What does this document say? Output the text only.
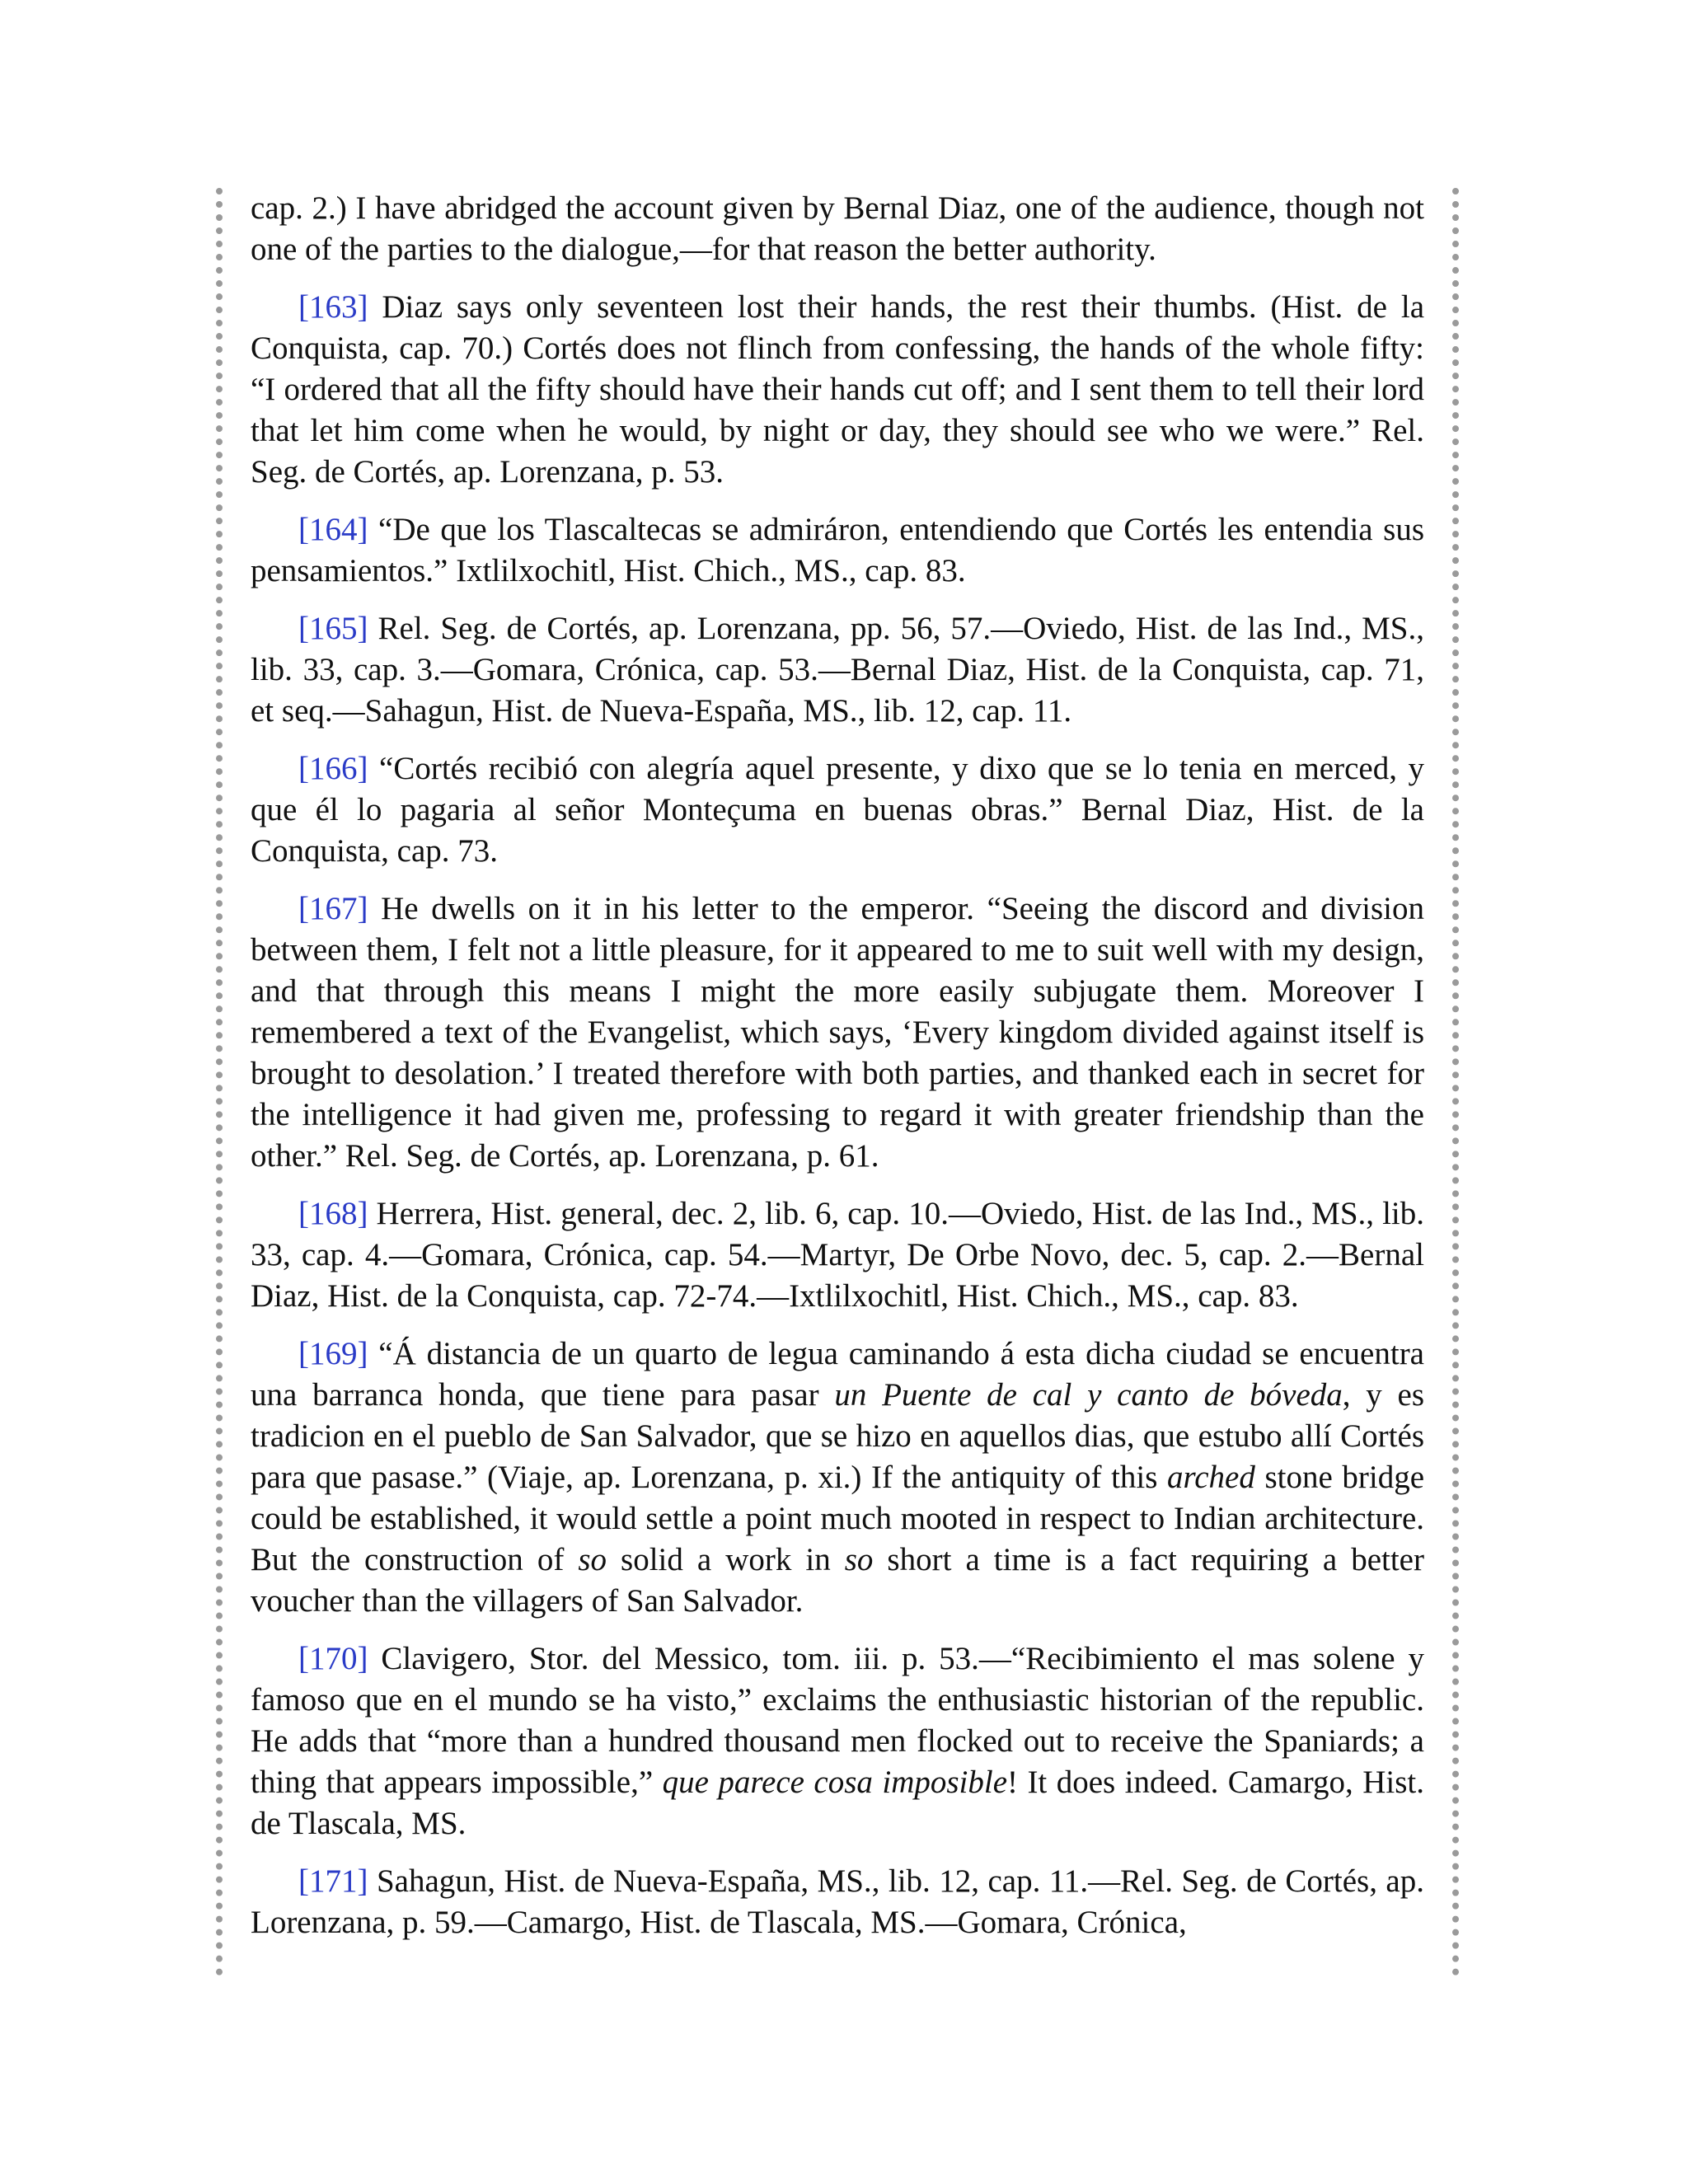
cap. 2.) I have abridged the account given by Bernal Diaz, one of the audience, though not one of the parties to the dialogue,—for that reason the better authority.

[ 163 ] Diaz says only seventeen lost their hands, the rest their thumbs. (Hist. de la Conquista, cap. 70.) Cortés does not flinch from confessing, the hands of the whole fifty: “I ordered that all the fifty should have their hands cut off; and I sent them to tell their lord that let him come when he would, by night or day, they should see who we were.” Rel. Seg. de Cortés, ap. Lorenzana, p. 53.

[ 164 ] “De que los Tlascaltecas se admiráron, entendiendo que Cortés les entendia sus pensamientos.” Ixtlilxochitl, Hist. Chich., MS., cap. 83.

[ 165 ] Rel. Seg. de Cortés, ap. Lorenzana, pp. 56, 57.—Oviedo, Hist. de las Ind., MS., lib. 33, cap. 3.—Gomara, Crónica, cap. 53.—Bernal Diaz, Hist. de la Conquista, cap. 71, et seq.—Sahagun, Hist. de Nueva-España, MS., lib. 12, cap. 11.

[ 166 ] “Cortés recibió con alegría aquel presente, y dixo que se lo tenia en merced, y que él lo pagaria al señor Monteçuma en buenas obras.” Bernal Diaz, Hist. de la Conquista, cap. 73.

[ 167 ] He dwells on it in his letter to the emperor. “Seeing the discord and division between them, I felt not a little pleasure, for it appeared to me to suit well with my design, and that through this means I might the more easily subjugate them. Moreover I remembered a text of the Evangelist, which says, ‘Every kingdom divided against itself is brought to desolation.’ I treated therefore with both parties, and thanked each in secret for the intelligence it had given me, professing to regard it with greater friendship than the other.” Rel. Seg. de Cortés, ap. Lorenzana, p. 61.

[ 168 ] Herrera, Hist. general, dec. 2, lib. 6, cap. 10.—Oviedo, Hist. de las Ind., MS., lib. 33, cap. 4.—Gomara, Crónica, cap. 54.—Martyr, De Orbe Novo, dec. 5, cap. 2.—Bernal Diaz, Hist. de la Conquista, cap. 72-74.—Ixtlilxochitl, Hist. Chich., MS., cap. 83.

[ 169 ] “Á distancia de un quarto de legua caminando á esta dicha ciudad se encuentra una barranca honda, que tiene para pasar un Puente de cal y canto de bóveda, y es tradicion en el pueblo de San Salvador, que se hizo en aquellos dias, que estubo allí Cortés para que pasase.” (Viaje, ap. Lorenzana, p. xi.) If the antiquity of this arched stone bridge could be established, it would settle a point much mooted in respect to Indian architecture. But the construction of so solid a work in so short a time is a fact requiring a better voucher than the villagers of San Salvador.

[ 170 ] Clavigero, Stor. del Messico, tom. iii. p. 53.—“Recibimiento el mas solene y famoso que en el mundo se ha visto,” exclaims the enthusiastic historian of the republic. He adds that “more than a hundred thousand men flocked out to receive the Spaniards; a thing that appears impossible,” que parece cosa imposible! It does indeed. Camargo, Hist. de Tlascala, MS.

[ 171 ] Sahagun, Hist. de Nueva-España, MS., lib. 12, cap. 11.—Rel. Seg. de Cortés, ap. Lorenzana, p. 59.—Camargo, Hist. de Tlascala, MS.—Gomara, Crónica,
